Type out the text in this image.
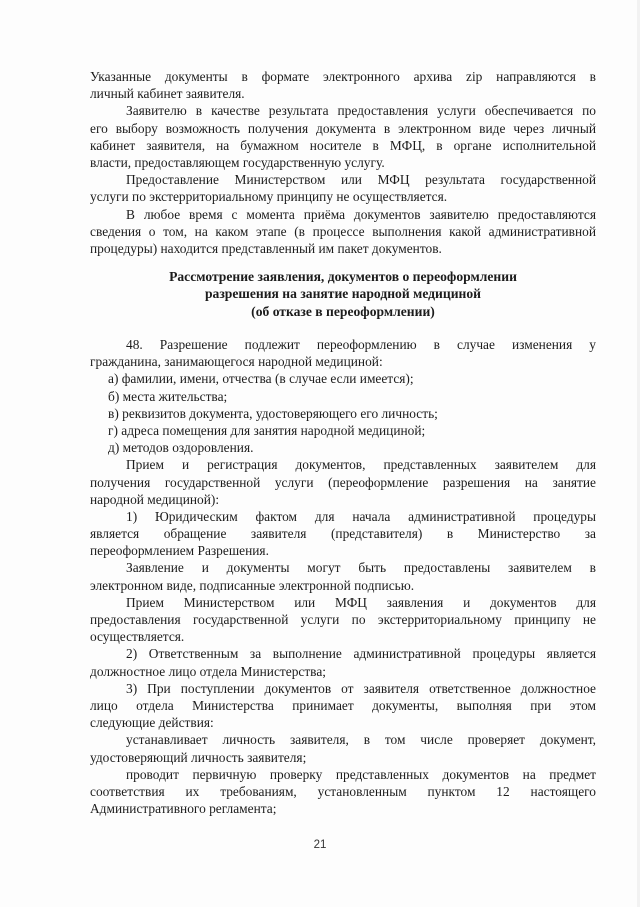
Указанные документы в формате электронного архива zip направляются в
личный кабинет заявителя.
Заявителю в качестве результата предоставления услуги обеспечивается по
его выбору возможность получения документа в электронном виде через личный
кабинет заявителя, на бумажном носителе в МФЦ, в органе исполнительной
власти, предоставляющем государственную услугу.
Предоставление Министерством или МФЦ результата государственной
услуги по экстерриториальному принципу не осуществляется.
В любое время с момента приёма документов заявителю предоставляются
сведения о том, на каком этапе (в процессе выполнения какой административной
процедуры) находится представленный им пакет документов.
Рассмотрение заявления, документов о переоформлении
разрешения на занятие народной медициной
(об отказе в переоформлении)
48. Разрешение подлежит переоформлению в случае изменения у
гражданина, занимающегося народной медициной:
а) фамилии, имени, отчества (в случае если имеется);
б) места жительства;
в) реквизитов документа, удостоверяющего его личность;
г) адреса помещения для занятия народной медициной;
д) методов оздоровления.
Прием и регистрация документов, представленных заявителем для
получения государственной услуги (переоформление разрешения на занятие
народной медициной):
1) Юридическим фактом для начала административной процедуры
является обращение заявителя (представителя) в Министерство за
переоформлением Разрешения.
Заявление и документы могут быть предоставлены заявителем в
электронном виде, подписанные электронной подписью.
Прием Министерством или МФЦ заявления и документов для
предоставления государственной услуги по экстерриториальному принципу не
осуществляется.
2) Ответственным за выполнение административной процедуры является
должностное лицо отдела Министерства;
3) При поступлении документов от заявителя ответственное должностное
лицо отдела Министерства принимает документы, выполняя при этом
следующие действия:
устанавливает личность заявителя, в том числе проверяет документ,
удостоверяющий личность заявителя;
проводит первичную проверку представленных документов на предмет
соответствия их требованиям, установленным пунктом 12 настоящего
Административного регламента;
21
